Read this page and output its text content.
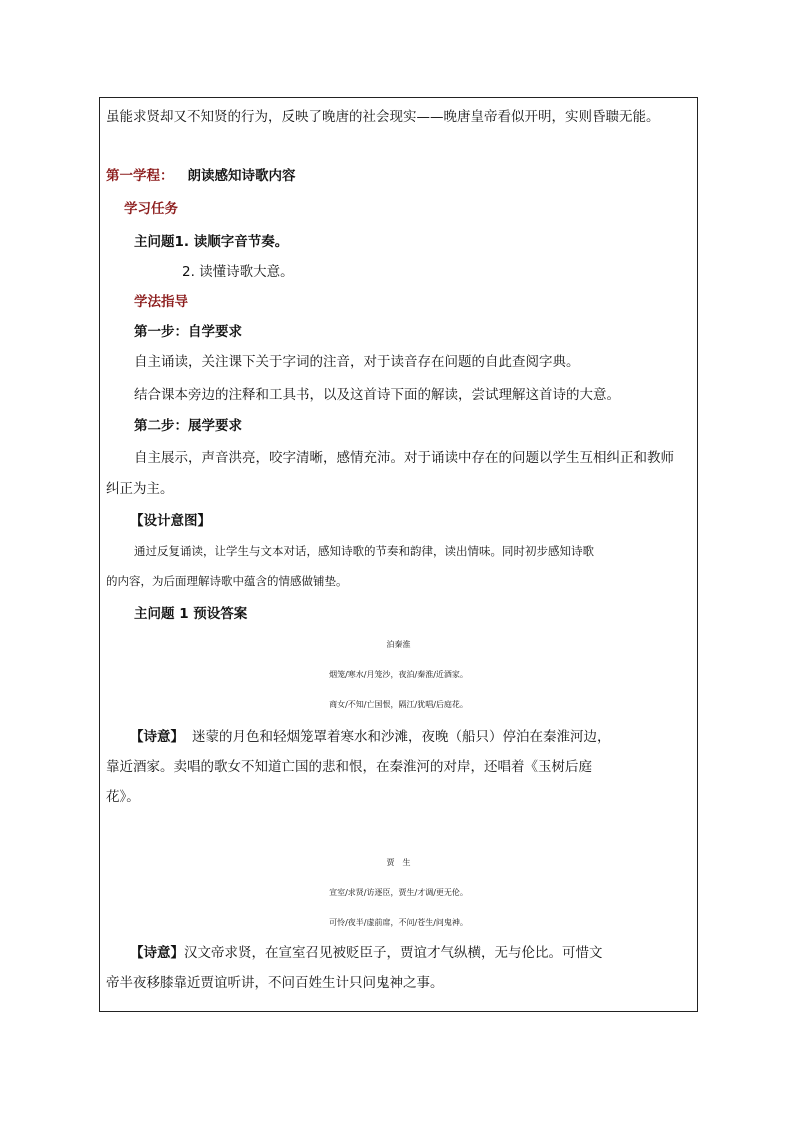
虽能求贤却又不知贤的行为，反映了晚唐的社会现实——晚唐皇帝看似开明，实则昏聩无能。
第一学程： 朗读感知诗歌内容
学习任务
主问题1. 读顺字音节奏。
2. 读懂诗歌大意。
学法指导
第一步：自学要求
自主诵读，关注课下关于字词的注音，对于读音存在问题的自此查阅字典。
结合课本旁边的注释和工具书，以及这首诗下面的解读，尝试理解这首诗的大意。
第二步：展学要求
自主展示，声音洪亮，咬字清晰，感情充沛。对于诵读中存在的问题以学生互相纠正和教师
纠正为主。
【设计意图】
通过反复诵读，让学生与文本对话，感知诗歌的节奏和韵律，读出情味。同时初步感知诗歌
的内容，为后面理解诗歌中蕴含的情感做铺垫。
主问题 1 预设答案
泊秦淮
烟笼/寒水/月笼沙，夜泊/秦淮/近酒家。
商女/不知/亡国恨，隔江/犹唱/后庭花。
【诗意】 迷蒙的月色和轻烟笼罩着寒水和沙滩，夜晚（船只）停泊在秦淮河边，
靠近酒家。卖唱的歌女不知道亡国的悲和恨，在秦淮河的对岸，还唱着《玉树后庭
花》。
贾　生
宣室/求贤/访逐臣，贾生/才调/更无伦。
可怜/夜半/虚前席，不问/苍生/问鬼神。
【诗意】汉文帝求贤，在宣室召见被贬臣子，贾谊才气纵横，无与伦比。可惜文
帝半夜移膝靠近贾谊听讲，不问百姓生计只问鬼神之事。
